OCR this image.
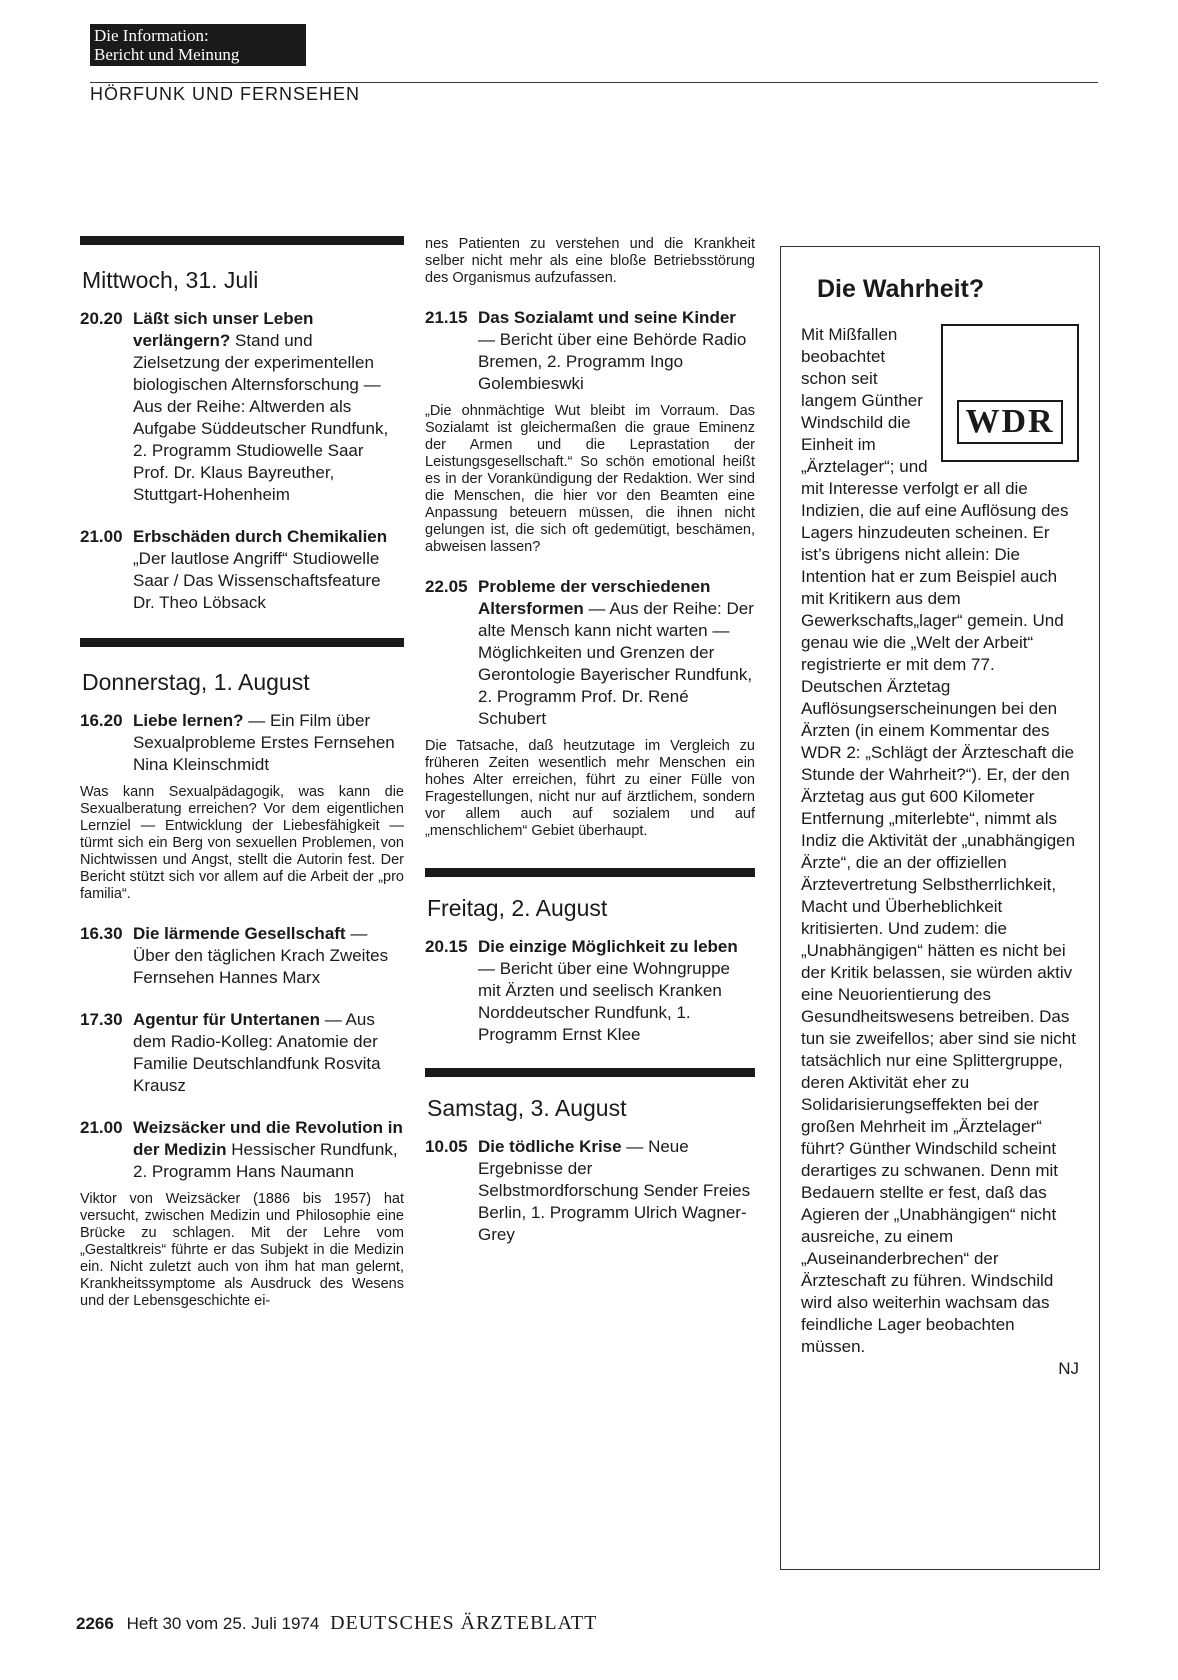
Die Information:
Bericht und Meinung
HÖRFUNK UND FERNSEHEN
Mittwoch, 31. Juli
20.20 Läßt sich unser Leben verlängern? Stand und Zielsetzung der experimentellen biologischen Alternsforschung — Aus der Reihe: Altwerden als Aufgabe Süddeutscher Rundfunk, 2. Programm Studiowelle Saar Prof. Dr. Klaus Bayreuther, Stuttgart-Hohenheim
21.00 Erbschäden durch Chemikalien „Der lautlose Angriff“ Studiowelle Saar / Das Wissenschaftsfeature Dr. Theo Löbsack
Donnerstag, 1. August
16.20 Liebe lernen? — Ein Film über Sexualprobleme Erstes Fernsehen Nina Kleinschmidt
Was kann Sexualpädagogik, was kann die Sexualberatung erreichen? Vor dem eigentlichen Lernziel — Entwicklung der Liebesfähigkeit — türmt sich ein Berg von sexuellen Problemen, von Nichtwissen und Angst, stellt die Autorin fest. Der Bericht stützt sich vor allem auf die Arbeit der „pro familia“.
16.30 Die lärmende Gesellschaft — Über den täglichen Krach Zweites Fernsehen Hannes Marx
17.30 Agentur für Untertanen — Aus dem Radio-Kolleg: Anatomie der Familie Deutschlandfunk Rosvita Krausz
21.00 Weizsäcker und die Revolution in der Medizin Hessischer Rundfunk, 2. Programm Hans Naumann
Viktor von Weizsäcker (1886 bis 1957) hat versucht, zwischen Medizin und Philosophie eine Brücke zu schlagen. Mit der Lehre vom „Gestaltkreis“ führte er das Subjekt in die Medizin ein. Nicht zuletzt auch von ihm hat man gelernt, Krankheitssymptome als Ausdruck des Wesens und der Lebensgeschichte ei-
nes Patienten zu verstehen und die Krankheit selber nicht mehr als eine bloße Betriebsstörung des Organismus aufzufassen.
21.15 Das Sozialamt und seine Kinder — Bericht über eine Behörde Radio Bremen, 2. Programm Ingo Golembieswki
„Die ohnmächtige Wut bleibt im Vorraum. Das Sozialamt ist gleichermaßen die graue Eminenz der Armen und die Leprastation der Leistungsgesellschaft.“ So schön emotional heißt es in der Vorankündigung der Redaktion. Wer sind die Menschen, die hier vor den Beamten eine Anpassung beteuern müssen, die ihnen nicht gelungen ist, die sich oft gedemütigt, beschämen, abweisen lassen?
22.05 Probleme der verschiedenen Altersformen — Aus der Reihe: Der alte Mensch kann nicht warten — Möglichkeiten und Grenzen der Gerontologie Bayerischer Rundfunk, 2. Programm Prof. Dr. René Schubert
Die Tatsache, daß heutzutage im Vergleich zu früheren Zeiten wesentlich mehr Menschen ein hohes Alter erreichen, führt zu einer Fülle von Fragestellungen, nicht nur auf ärztlichem, sondern vor allem auch auf sozialem und auf „menschlichem“ Gebiet überhaupt.
Freitag, 2. August
20.15 Die einzige Möglichkeit zu leben — Bericht über eine Wohngruppe mit Ärzten und seelisch Kranken Norddeutscher Rundfunk, 1. Programm Ernst Klee
Samstag, 3. August
10.05 Die tödliche Krise — Neue Ergebnisse der Selbstmordforschung Sender Freies Berlin, 1. Programm Ulrich Wagner-Grey
Die Wahrheit?
WDR
Mit Mißfallen beobachtet schon seit langem Günther Windschild die Einheit im „Ärztelager“; und mit Interesse verfolgt er all die Indizien, die auf eine Auflösung des Lagers hinzudeuten scheinen. Er ist’s übrigens nicht allein: Die Intention hat er zum Beispiel auch mit Kritikern aus dem Gewerkschafts„lager“ gemein. Und genau wie die „Welt der Arbeit“ registrierte er mit dem 77. Deutschen Ärztetag Auflösungserscheinungen bei den Ärzten (in einem Kommentar des WDR 2: „Schlägt der Ärzteschaft die Stunde der Wahrheit?“). Er, der den Ärztetag aus gut 600 Kilometer Entfernung „miterlebte“, nimmt als Indiz die Aktivität der „unabhängigen Ärzte“, die an der offiziellen Ärztevertretung Selbstherrlichkeit, Macht und Überheblichkeit kritisierten. Und zudem: die „Unabhängigen“ hätten es nicht bei der Kritik belassen, sie würden aktiv eine Neuorientierung des Gesundheitswesens betreiben. Das tun sie zweifellos; aber sind sie nicht tatsächlich nur eine Splittergruppe, deren Aktivität eher zu Solidarisierungseffekten bei der großen Mehrheit im „Ärztelager“ führt? Günther Windschild scheint derartiges zu schwanen. Denn mit Bedauern stellte er fest, daß das Agieren der „Unabhängigen“ nicht ausreiche, zu einem „Auseinanderbrechen“ der Ärzteschaft zu führen. Windschild wird also weiterhin wachsam das feindliche Lager beobachten müssen.
NJ
2266 Heft 30 vom 25. Juli 1974 DEUTSCHES ÄRZTEBLATT
